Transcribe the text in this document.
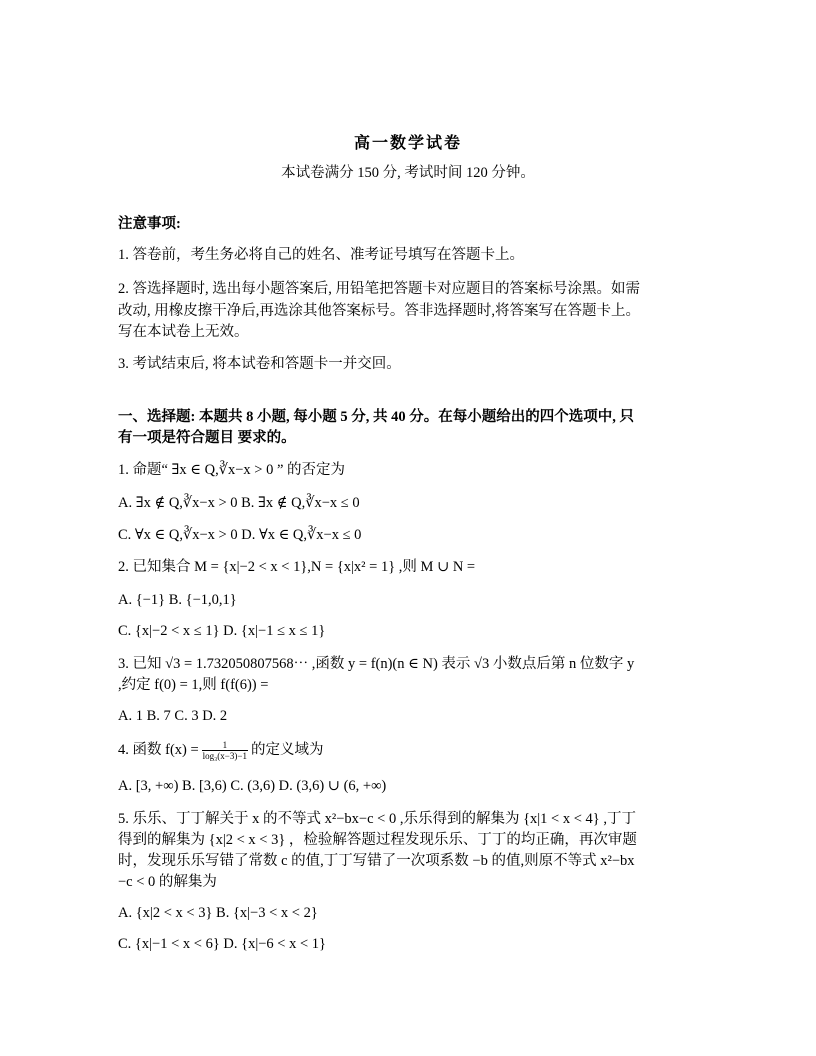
高一数学试卷
本试卷满分 150 分, 考试时间 120 分钟。
注意事项:
1. 答卷前，考生务必将自己的姓名、准考证号填写在答题卡上。
2. 答选择题时, 选出每小题答案后, 用铅笔把答题卡对应题目的答案标号涂黑。如需
改动, 用橡皮擦干净后,再选涂其他答案标号。答非选择题时,将答案写在答题卡上。
写在本试卷上无效。
3. 考试结束后, 将本试卷和答题卡一并交回。
一、选择题: 本题共 8 小题, 每小题 5 分, 共 40 分。在每小题给出的四个选项中, 只
有一项是符合题目 要求的。
1. 命题“ ∃x ∈ Q,∛x−x > 0 ” 的否定为
A. ∃x ∉ Q,∛x−x > 0 B. ∃x ∉ Q,∛x−x ≤ 0
C. ∀x ∈ Q,∛x−x > 0 D. ∀x ∈ Q,∛x−x ≤ 0
2. 已知集合 M = {x|−2 < x < 1},N = {x|x² = 1} ,则 M ∪ N =
A. {−1} B. {−1,0,1}
C. {x|−2 < x ≤ 1} D. {x|−1 ≤ x ≤ 1}
3. 已知 √3 = 1.732050807568⋯ ,函数 y = f(n)(n ∈ N) 表示 √3 小数点后第 n 位数字 y
,约定 f(0) = 1,则 f(f(6)) =
A. 1 B. 7 C. 3 D. 2
4. 函数 $f(x) = \frac{1}{\text{log₃(x−3)−1}}$ 的定义域为
A. [3, +∞) B. [3,6) C. (3,6) D. (3,6) ∪ (6, +∞)
5. 乐乐、丁丁解关于 x 的不等式 x²−bx−c < 0 ,乐乐得到的解集为 {x|1 < x < 4} ,丁丁
得到的解集为 {x|2 < x < 3} ，检验解答题过程发现乐乐、丁丁的均正确，再次审题
时，发现乐乐写错了常数 c 的值,丁丁写错了一次项系数 −b 的值,则原不等式 x²−bx
−c < 0 的解集为
A. {x|2 < x < 3} B. {x|−3 < x < 2}
C. {x|−1 < x < 6} D. {x|−6 < x < 1}
